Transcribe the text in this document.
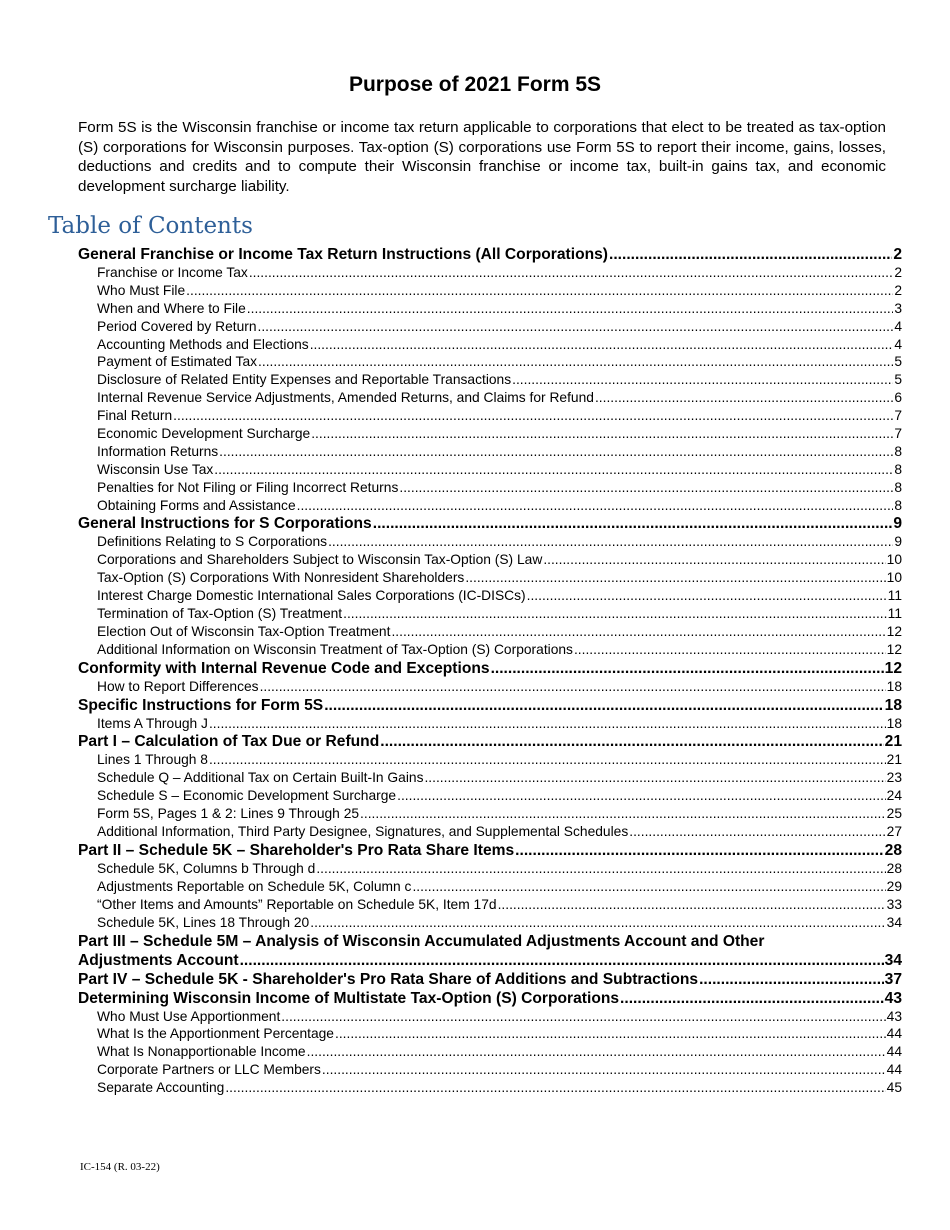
Purpose of 2021 Form 5S

Form 5S is the Wisconsin franchise or income tax return applicable to corporations that elect to be treated as tax-option (S) corporations for Wisconsin purposes. Tax-option (S) corporations use Form 5S to report their income, gains, losses, deductions and credits and to compute their Wisconsin franchise or income tax, built-in gains tax, and economic development surcharge liability.

Table of Contents
General Franchise or Income Tax Return Instructions (All Corporations) .....	2
Franchise or Income Tax .....	2
Who Must File .....	2
When and Where to File .....	3
Period Covered by Return .....	4
Accounting Methods and Elections .....	4
Payment of Estimated Tax .....	5
Disclosure of Related Entity Expenses and Reportable Transactions .....	5
Internal Revenue Service Adjustments, Amended Returns, and Claims for Refund .....	6
Final Return .....	7
Economic Development Surcharge .....	7
Information Returns .....	8
Wisconsin Use Tax .....	8
Penalties for Not Filing or Filing Incorrect Returns .....	8
Obtaining Forms and Assistance .....	8
General Instructions for S Corporations .....	9
Definitions Relating to S Corporations .....	9
Corporations and Shareholders Subject to Wisconsin Tax-Option (S) Law .....	10
Tax-Option (S) Corporations With Nonresident Shareholders .....	10
Interest Charge Domestic International Sales Corporations (IC-DISCs) .....	11
Termination of Tax-Option (S) Treatment .....	11
Election Out of Wisconsin Tax-Option Treatment .....	12
Additional Information on Wisconsin Treatment of Tax-Option (S) Corporations .....	12
Conformity with Internal Revenue Code and Exceptions .....	12
How to Report Differences .....	18
Specific Instructions for Form 5S .....	18
Items A Through J .....	18
Part I – Calculation of Tax Due or Refund .....	21
Lines 1 Through 8 .....	21
Schedule Q – Additional Tax on Certain Built-In Gains .....	23
Schedule S – Economic Development Surcharge .....	24
Form 5S, Pages 1 & 2: Lines 9 Through 25 .....	25
Additional Information, Third Party Designee, Signatures, and Supplemental Schedules .....	27
Part II – Schedule 5K – Shareholder's Pro Rata Share Items .....	28
Schedule 5K, Columns b Through d .....	28
Adjustments Reportable on Schedule 5K, Column c .....	29
“Other Items and Amounts” Reportable on Schedule 5K, Item 17d .....	33
Schedule 5K, Lines 18 Through 20 .....	34
Part III – Schedule 5M – Analysis of Wisconsin Accumulated Adjustments Account and Other
Adjustments Account .....	34
Part IV – Schedule 5K - Shareholder's Pro Rata Share of Additions and Subtractions .....	37
Determining Wisconsin Income of Multistate Tax-Option (S) Corporations .....	43
Who Must Use Apportionment .....	43
What Is the Apportionment Percentage .....	44
What Is Nonapportionable Income .....	44
Corporate Partners or LLC Members .....	44
Separate Accounting .....	45

IC-154 (R. 03-22)
